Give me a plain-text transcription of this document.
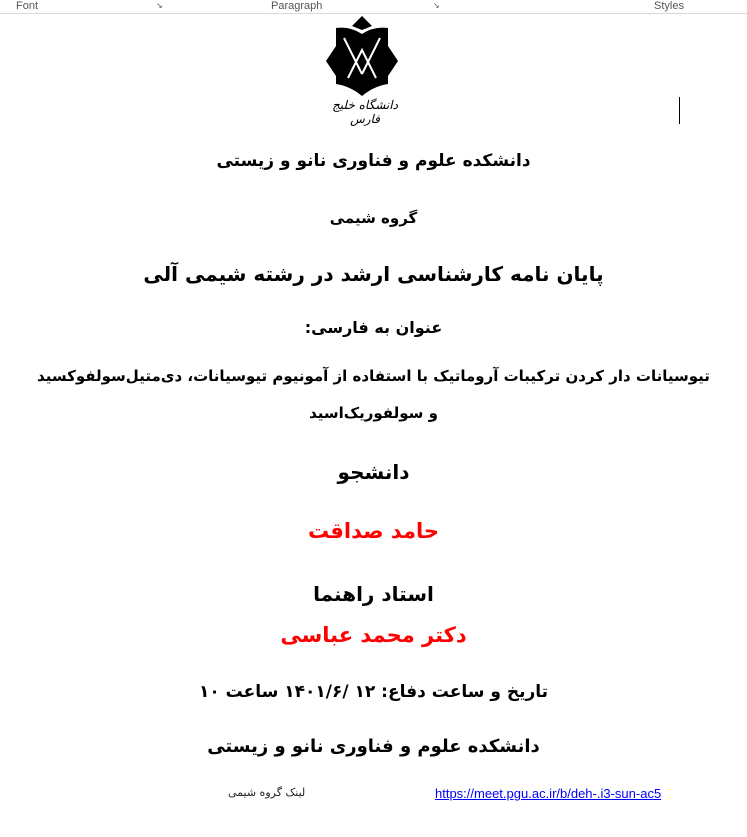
Font	↘	Paragraph	↘	Styles
دانشگاه خلیج فارس
دانشکده علوم و فناوری نانو و زیستی
گروه شیمی
پایان نامه کارشناسی ارشد در رشته شیمی آلی
عنوان به فارسی:
تیوسیانات دار کردن ترکیبات آروماتیک با استفاده از آمونیوم تیوسیانات، دی‌متیل‌سولفوکسید
و سولفوریک‌اسید
دانشجو
حامد صداقت
استاد راهنما
دکتر محمد عباسی
تاریخ و ساعت دفاع: ۱۲ /۱۴۰۱/۶ ساعت ۱۰
دانشکده علوم و فناوری نانو و زیستی
لینک گروه شیمی	https://meet.pgu.ac.ir/b/deh-.i3-sun-ac5
